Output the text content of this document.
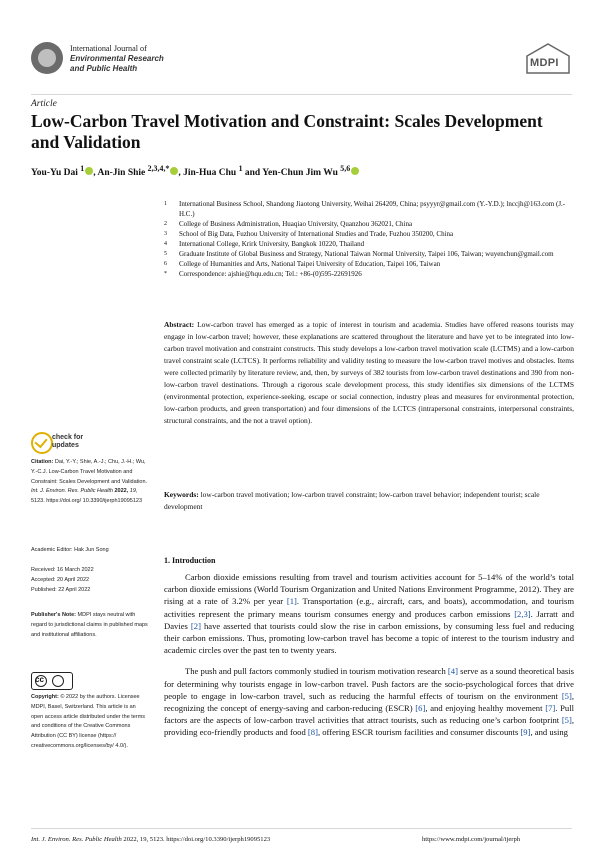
International Journal of
Environmental Research
and Public Health	MDPI
Article
Low-Carbon Travel Motivation and Constraint: Scales Development and Validation
You-Yu Dai $^1$ , An-Jin Shie $^{2,3,4,*}$ , Jin-Hua Chu $^1$ and Yen-Chun Jim Wu $^{5,6}$
1	International Business School, Shandong Jiaotong University, Weihai 264209, China; psyyyr@gmail.com (Y.-Y.D.); lnccjh@163.com (J.-H.C.)
2	College of Business Administration, Huaqiao University, Quanzhou 362021, China
3	School of Big Data, Fuzhou University of International Studies and Trade, Fuzhou 350200, China
4	International College, Krirk University, Bangkok 10220, Thailand
5	Graduate Institute of Global Business and Strategy, National Taiwan Normal University, Taipei 106, Taiwan; wuyenchun@gmail.com
6	College of Humanities and Arts, National Taipei University of Education, Taipei 106, Taiwan
*	Correspondence: ajshie@hqu.edu.cn; Tel.: +86-(0)595-22691926
Abstract: Low-carbon travel has emerged as a topic of interest in tourism and academia. Studies have offered reasons tourists may engage in low-carbon travel; however, these explanations are scattered throughout the literature and have yet to be integrated into low-carbon travel motivation and constraint constructs. This study develops a low-carbon travel motivation scale (LCTMS) and a low-carbon travel constraint scale (LCTCS). It performs reliability and validity testing to measure the low-carbon travel motives and obstacles. Items were collected primarily by literature review, and, then, by surveys of 382 tourists from low-carbon travel destinations and 390 from non-low-carbon travel destinations. Through a rigorous scale development process, this study identifies six dimensions of the LCTMS (environmental protection, experience-seeking, escape or social connection, industry pleas and measures for environmental protection, low-carbon products, and green transportation) and four dimensions of the LCTCS (intrapersonal constraints, interpersonal constraints, structural constraints, and the not a travel option).
Keywords: low-carbon travel motivation; low-carbon travel constraint; low-carbon travel behavior; independent tourist; scale development
check for
updates
Citation: Dai, Y.-Y.; Shie, A.-J.; Chu, J.-H.; Wu, Y.-C.J. Low-Carbon Travel Motivation and Constraint: Scales Development and Validation. Int. J. Environ. Res. Public Health 2022, 19, 5123. https://doi.org/ 10.3390/ijerph19095123
Academic Editor: Hak Jun Song
Received: 16 March 2022
Accepted: 20 April 2022
Published: 22 April 2022
Publisher's Note: MDPI stays neutral with regard to jurisdictional claims in published maps and institutional affiliations.
cc
Copyright: © 2022 by the authors. Licensee MDPI, Basel, Switzerland. This article is an open access article distributed under the terms and conditions of the Creative Commons Attribution (CC BY) license (https:// creativecommons.org/licenses/by/ 4.0/).
1. Introduction

Carbon dioxide emissions resulting from travel and tourism activities account for 5–14% of the world’s total carbon dioxide emissions (World Tourism Organization and United Nations Environment Programme, 2012). They are rising at a rate of 3.2% per year [1]. Transportation (e.g., aircraft, cars, and boats), accommodation, and tourism activities represent the primary means tourism consumes energy and produces carbon emissions [2,3]. Jarratt and Davies [2] have asserted that tourists could slow the rise in carbon emissions, by consuming less fuel and reducing their carbon emissions. Thus, promoting low-carbon travel has become a topic of interest to the tourism industry and academic circles over the past ten to twenty years.

The push and pull factors commonly studied in tourism motivation research [4] serve as a sound theoretical basis for determining why tourists engage in low-carbon travel. Push factors are the socio-psychological forces that drive people to engage in low-carbon travel, such as reducing the harmful effects of tourism on the environment [5], recognizing the concept of energy-saving and carbon-reducing (ESCR) [6], and enjoying healthy movement [7]. Pull factors are the aspects of low-carbon travel activities that attract tourists, such as reducing one’s carbon footprint [5], providing eco-friendly products and food [8], offering ESCR tourism facilities and consumer discounts [9], and using

Int. J. Environ. Res. Public Health 2022, 19, 5123. https://doi.org/10.3390/ijerph19095123	https://www.mdpi.com/journal/ijerph
